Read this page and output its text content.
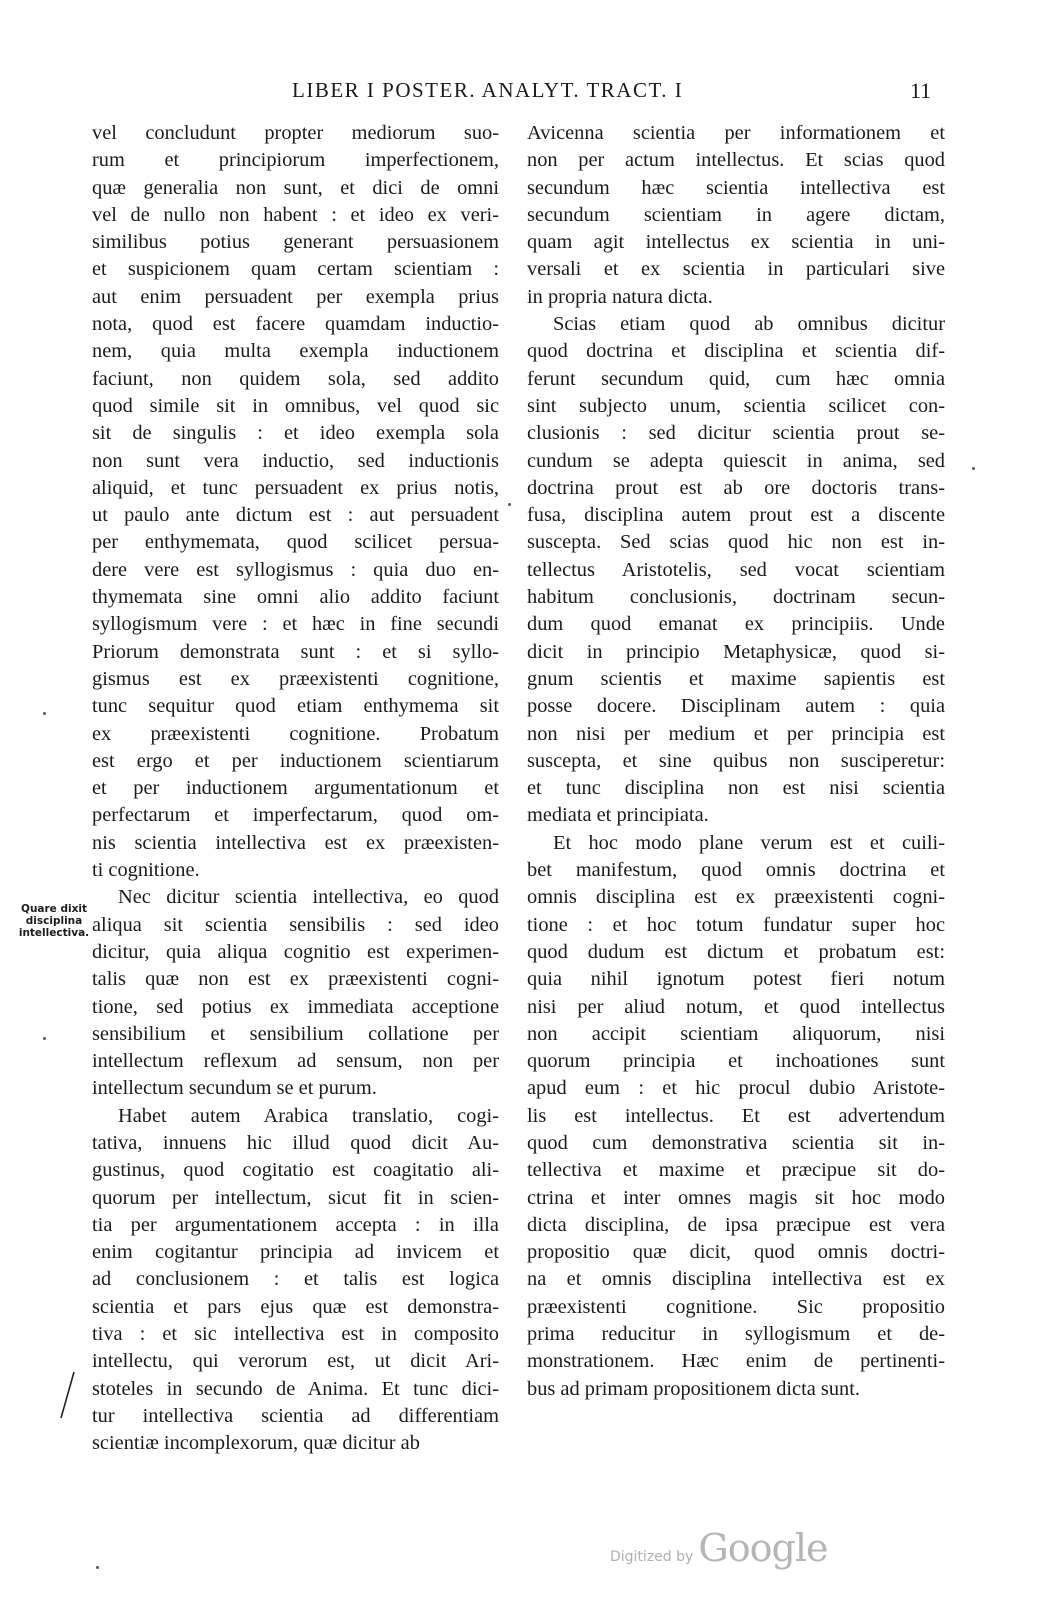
LIBER I POSTER. ANALYT. TRACT. I	11
Quare dixit
disciplina
intellectiva.
vel concludunt propter mediorum suo-
rum et principiorum imperfectionem,
quæ generalia non sunt, et dici de omni
vel de nullo non habent : et ideo ex veri-
similibus potius generant persuasionem
et suspicionem quam certam scientiam :
aut enim persuadent per exempla prius
nota, quod est facere quamdam inductio-
nem, quia multa exempla inductionem
faciunt, non quidem sola, sed addito
quod simile sit in omnibus, vel quod sic
sit de singulis : et ideo exempla sola
non sunt vera inductio, sed inductionis
aliquid, et tunc persuadent ex prius notis,
ut paulo ante dictum est : aut persuadent
per enthymemata, quod scilicet persua-
dere vere est syllogismus : quia duo en-
thymemata sine omni alio addito faciunt
syllogismum vere : et hæc in fine secundi
Priorum demonstrata sunt : et si syllo-
gismus est ex præexistenti cognitione,
tunc sequitur quod etiam enthymema sit
ex præexistenti cognitione. Probatum
est ergo et per inductionem scientiarum
et per inductionem argumentationum et
perfectarum et imperfectarum, quod om-
nis scientia intellectiva est ex præexisten-
ti cognitione.
Nec dicitur scientia intellectiva, eo quod
aliqua sit scientia sensibilis : sed ideo
dicitur, quia aliqua cognitio est experimen-
talis quæ non est ex præexistenti cogni-
tione, sed potius ex immediata acceptione
sensibilium et sensibilium collatione per
intellectum reflexum ad sensum, non per
intellectum secundum se et purum.
Habet autem Arabica translatio, cogi-
tativa, innuens hic illud quod dicit Au-
gustinus, quod cogitatio est coagitatio ali-
quorum per intellectum, sicut fit in scien-
tia per argumentationem accepta : in illa
enim cogitantur principia ad invicem et
ad conclusionem : et talis est logica
scientia et pars ejus quæ est demonstra-
tiva : et sic intellectiva est in composito
intellectu, qui verorum est, ut dicit Ari-
stoteles in secundo de Anima. Et tunc dici-
tur intellectiva scientia ad differentiam
scientiæ incomplexorum, quæ dicitur ab
Avicenna scientia per informationem et
non per actum intellectus. Et scias quod
secundum hæc scientia intellectiva est
secundum scientiam in agere dictam,
quam agit intellectus ex scientia in uni-
versali et ex scientia in particulari sive
in propria natura dicta.
Scias etiam quod ab omnibus dicitur
quod doctrina et disciplina et scientia dif-
ferunt secundum quid, cum hæc omnia
sint subjecto unum, scientia scilicet con-
clusionis : sed dicitur scientia prout se-
cundum se adepta quiescit in anima, sed
doctrina prout est ab ore doctoris trans-
fusa, disciplina autem prout est a discente
suscepta. Sed scias quod hic non est in-
tellectus Aristotelis, sed vocat scientiam
habitum conclusionis, doctrinam secun-
dum quod emanat ex principiis. Unde
dicit in principio Metaphysicæ, quod si-
gnum scientis et maxime sapientis est
posse docere. Disciplinam autem : quia
non nisi per medium et per principia est
suscepta, et sine quibus non susciperetur:
et tunc disciplina non est nisi scientia
mediata et principiata.
Et hoc modo plane verum est et cuili-
bet manifestum, quod omnis doctrina et
omnis disciplina est ex præexistenti cogni-
tione : et hoc totum fundatur super hoc
quod dudum est dictum et probatum est:
quia nihil ignotum potest fieri notum
nisi per aliud notum, et quod intellectus
non accipit scientiam aliquorum, nisi
quorum principia et inchoationes sunt
apud eum : et hic procul dubio Aristote-
lis est intellectus. Et est advertendum
quod cum demonstrativa scientia sit in-
tellectiva et maxime et præcipue sit do-
ctrina et inter omnes magis sit hoc modo
dicta disciplina, de ipsa præcipue est vera
propositio quæ dicit, quod omnis doctri-
na et omnis disciplina intellectiva est ex
præexistenti cognitione. Sic propositio
prima reducitur in syllogismum et de-
monstrationem. Hæc enim de pertinenti-
bus ad primam propositionem dicta sunt.
Digitized by Google
